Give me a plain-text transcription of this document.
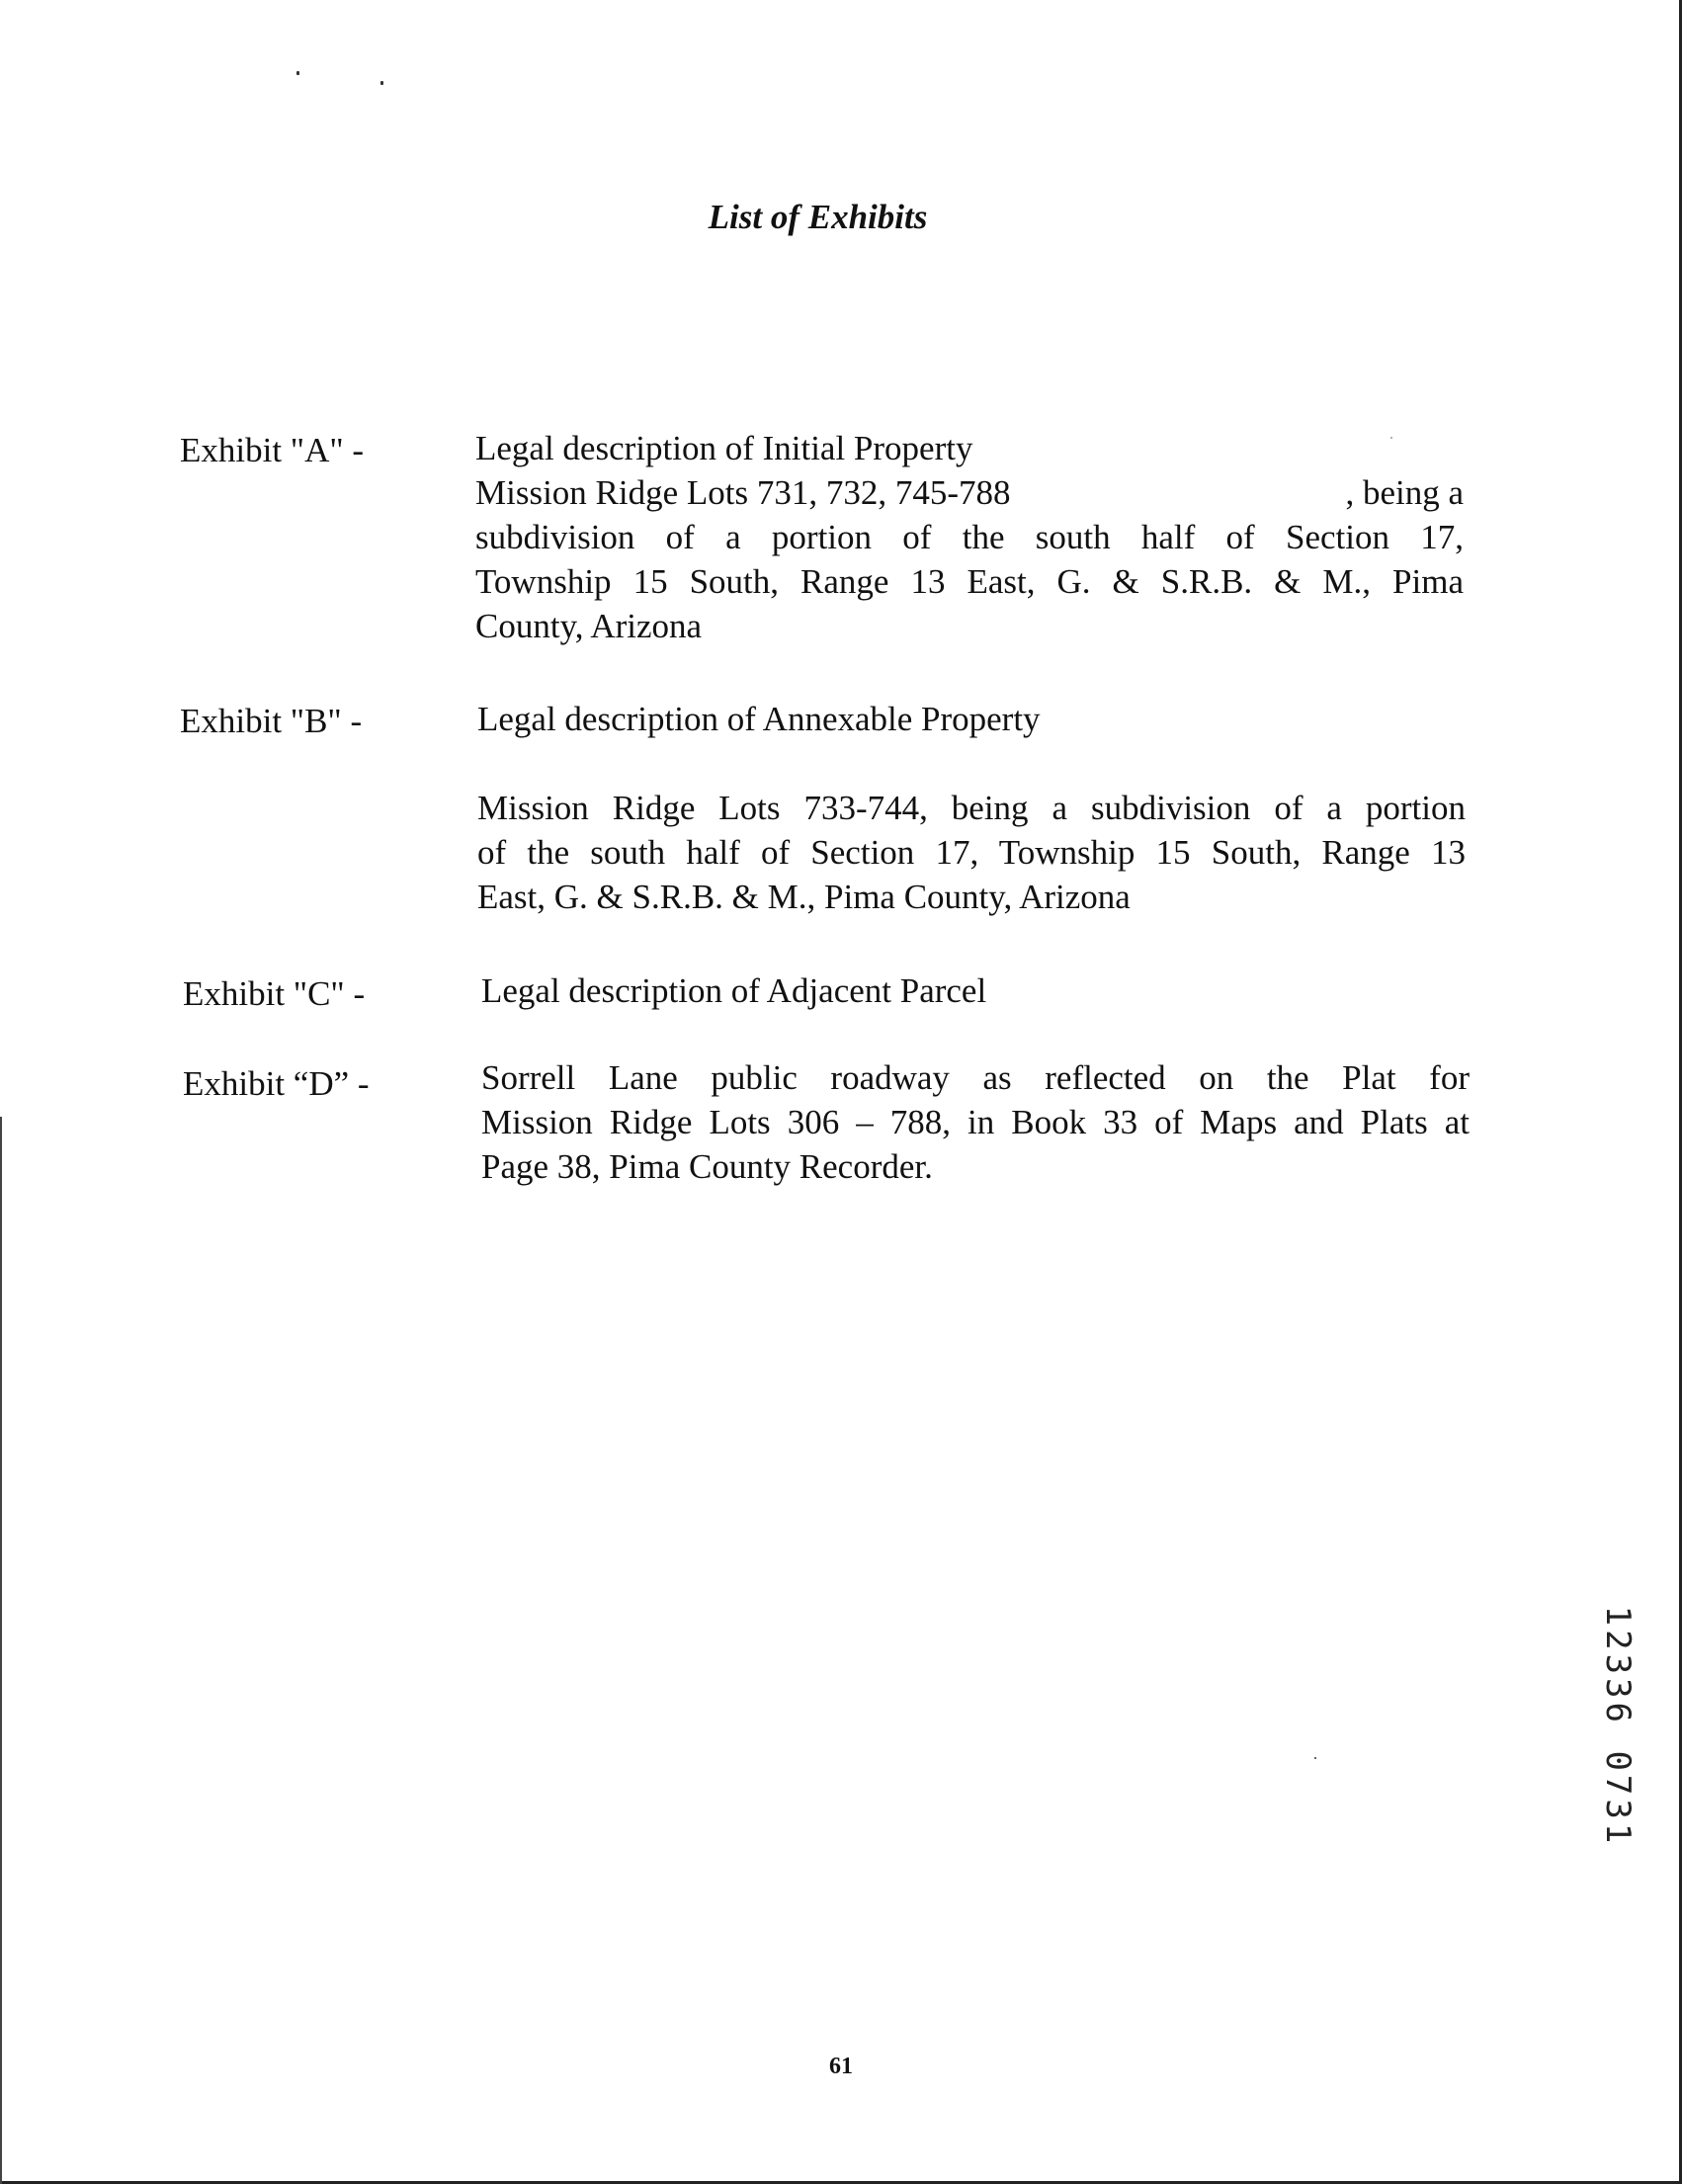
List of Exhibits
Exhibit "A" -	Legal description of Initial Property
Mission Ridge Lots 731, 732, 745-788	, being a
subdivision of a portion of the south half of Section 17,
Township 15 South, Range 13 East, G. & S.R.B. & M., Pima
County, Arizona
Exhibit "B" -	Legal description of Annexable Property
Mission Ridge Lots 733-744, being a subdivision of a portion
of the south half of Section 17, Township 15 South, Range 13
East, G. & S.R.B. & M., Pima County, Arizona
Exhibit "C" -	Legal description of Adjacent Parcel
Exhibit “D” -	Sorrell Lane public roadway as reflected on the Plat for
Mission Ridge Lots 306 – 788, in Book 33 of Maps and Plats at
Page 38, Pima County Recorder.
61
12336 0731
